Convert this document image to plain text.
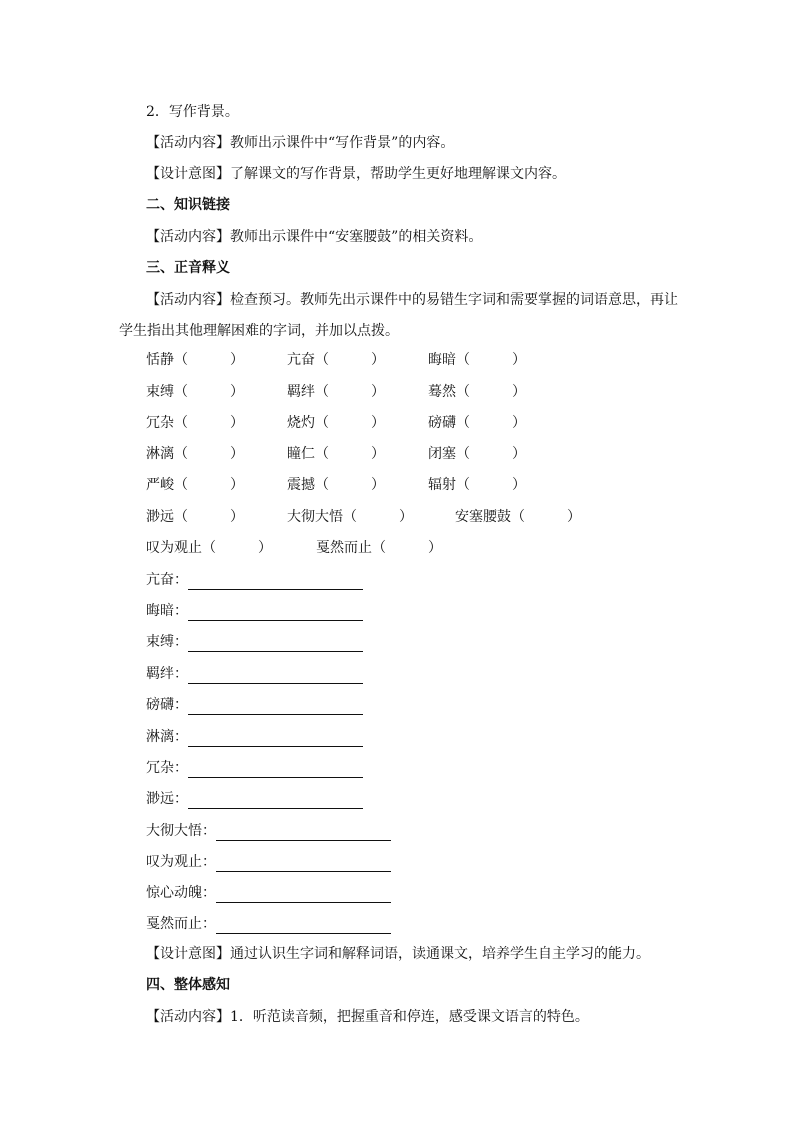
2．写作背景。
【活动内容】教师出示课件中“写作背景”的内容。
【设计意图】了解课文的写作背景，帮助学生更好地理解课文内容。
二、知识链接
【活动内容】教师出示课件中“安塞腰鼓”的相关资料。
三、正音释义
【活动内容】检查预习。教师先出示课件中的易错生字词和需要掌握的词语意思，再让
学生指出其他理解困难的字词，并加以点拨。
恬静（　　　）	亢奋（　　　）	晦暗（　　　）
束缚（　　　）	羁绊（　　　）	蓦然（　　　）
冗杂（　　　）	烧灼（　　　）	磅礴（　　　）
淋漓（　　　）	瞳仁（　　　）	闭塞（　　　）
严峻（　　　）	震撼（　　　）	辐射（　　　）
渺远（　　　）	大彻大悟（　　　）	安塞腰鼓（　　　）
叹为观止（　　　）	戛然而止（　　　）
亢奋：
晦暗：
束缚：
羁绊：
磅礴：
淋漓：
冗杂：
渺远：
大彻大悟：
叹为观止：
惊心动魄：
戛然而止：
【设计意图】通过认识生字词和解释词语，读通课文，培养学生自主学习的能力。
四、整体感知
【活动内容】1．听范读音频，把握重音和停连，感受课文语言的特色。
